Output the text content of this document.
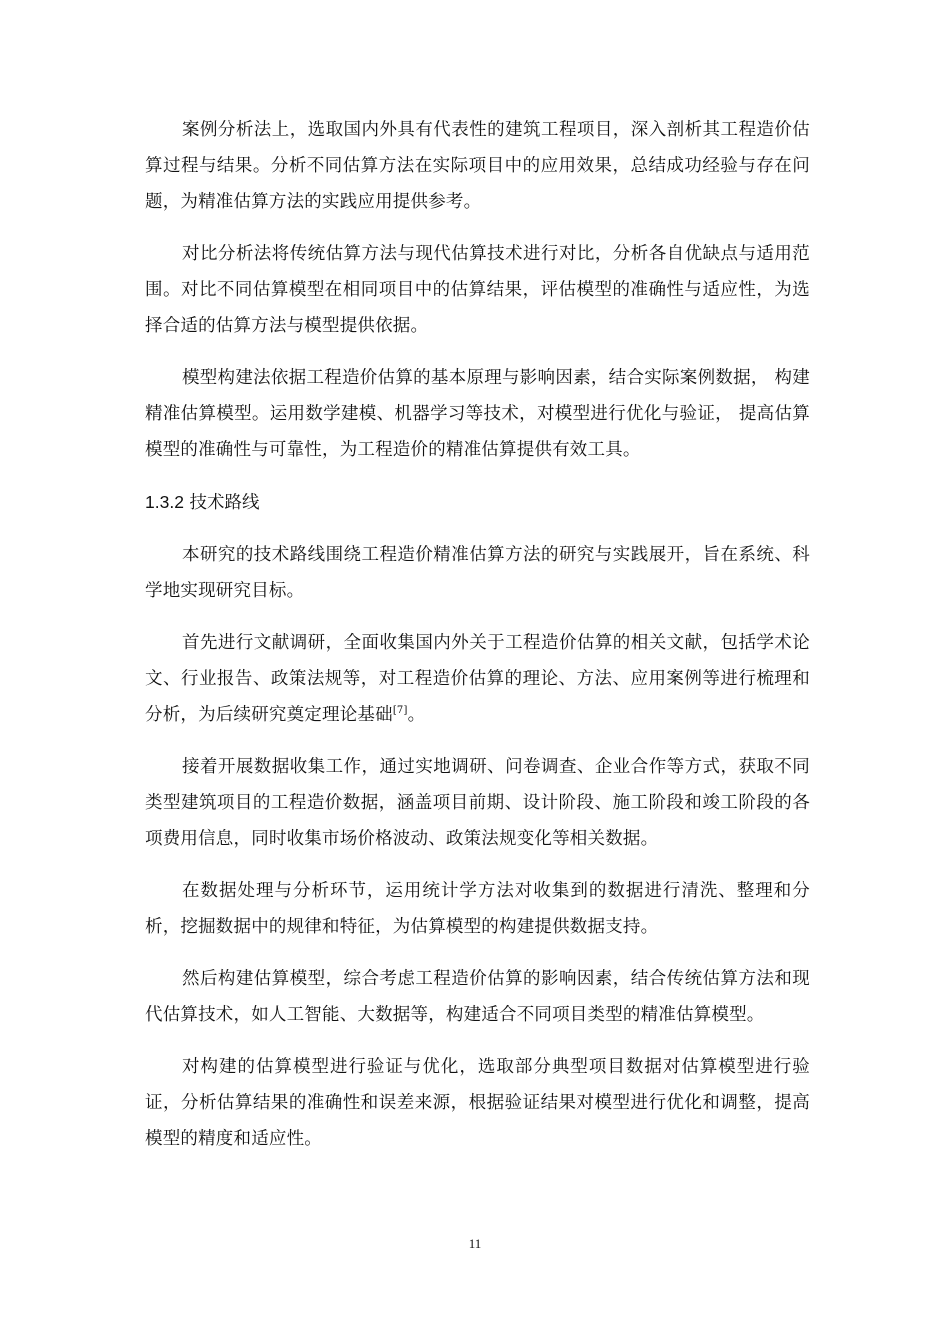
案例分析法上，选取国内外具有代表性的建筑工程项目，深入剖析其工程造价估算过程与结果。分析不同估算方法在实际项目中的应用效果，总结成功经验与存在问题，为精准估算方法的实践应用提供参考。

对比分析法将传统估算方法与现代估算技术进行对比，分析各自优缺点与适用范围。对比不同估算模型在相同项目中的估算结果，评估模型的准确性与适应性，为选择合适的估算方法与模型提供依据。

模型构建法依据工程造价估算的基本原理与影响因素，结合实际案例数据， 构建精准估算模型。运用数学建模、机器学习等技术，对模型进行优化与验证， 提高估算模型的准确性与可靠性，为工程造价的精准估算提供有效工具。

1.3.2 技术路线

本研究的技术路线围绕工程造价精准估算方法的研究与实践展开，旨在系统、科学地实现研究目标。

首先进行文献调研，全面收集国内外关于工程造价估算的相关文献，包括学术论文、行业报告、政策法规等，对工程造价估算的理论、方法、应用案例等进行梳理和分析，为后续研究奠定理论基础[7]。

接着开展数据收集工作，通过实地调研、问卷调查、企业合作等方式，获取不同类型建筑项目的工程造价数据，涵盖项目前期、设计阶段、施工阶段和竣工阶段的各项费用信息，同时收集市场价格波动、政策法规变化等相关数据。

在数据处理与分析环节，运用统计学方法对收集到的数据进行清洗、整理和分析，挖掘数据中的规律和特征，为估算模型的构建提供数据支持。

然后构建估算模型，综合考虑工程造价估算的影响因素，结合传统估算方法和现代估算技术，如人工智能、大数据等，构建适合不同项目类型的精准估算模型。

对构建的估算模型进行验证与优化，选取部分典型项目数据对估算模型进行验证，分析估算结果的准确性和误差来源，根据验证结果对模型进行优化和调整，提高模型的精度和适应性。

11
